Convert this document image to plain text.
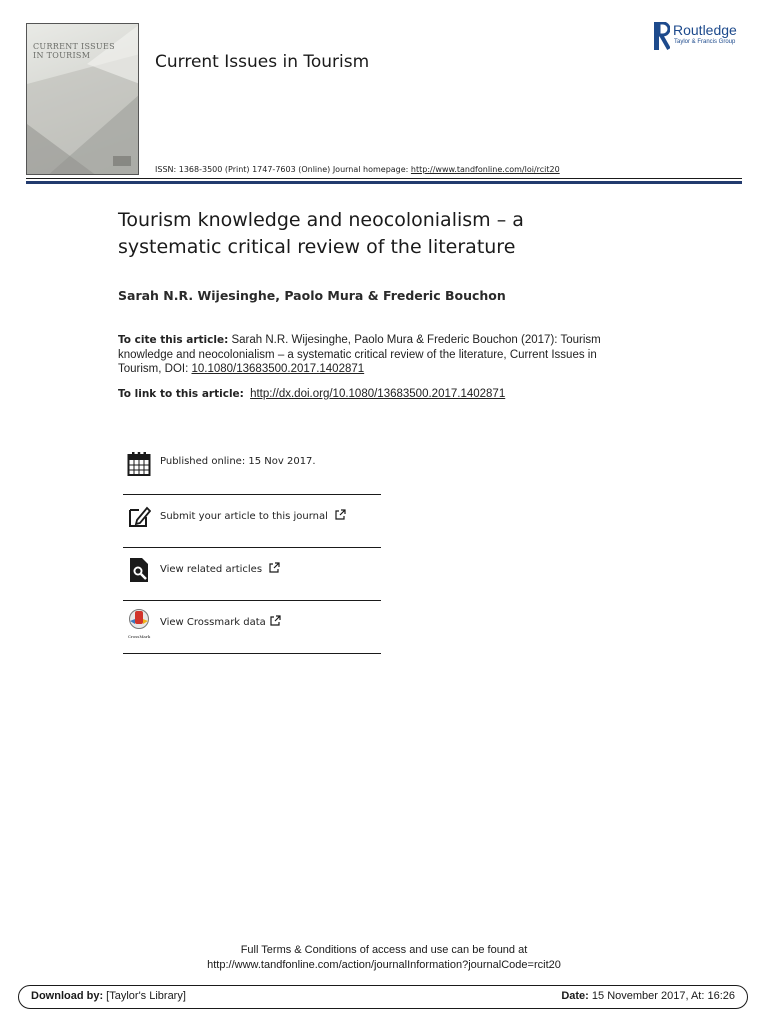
CURRENT ISSUES
IN TOURISM	Current Issues in Tourism
ISSN: 1368-3500 (Print) 1747-7603 (Online) Journal homepage: http://www.tandfonline.com/loi/rcit20
Routledge
Taylor & Francis Group
Tourism knowledge and neocolonialism – a
systematic critical review of the literature
Sarah N.R. Wijesinghe, Paolo Mura & Frederic Bouchon
To cite this article: Sarah N.R. Wijesinghe, Paolo Mura & Frederic Bouchon (2017): Tourism knowledge and neocolonialism – a systematic critical review of the literature, Current Issues in Tourism, DOI: 10.1080/13683500.2017.1402871
To link to this article: http://dx.doi.org/10.1080/13683500.2017.1402871
Published online: 15 Nov 2017.
Submit your article to this journal
View related articles
CrossMark
View Crossmark data
Full Terms & Conditions of access and use can be found at
http://www.tandfonline.com/action/journalInformation?journalCode=rcit20
Download by: [Taylor's Library]	Date: 15 November 2017, At: 16:26
